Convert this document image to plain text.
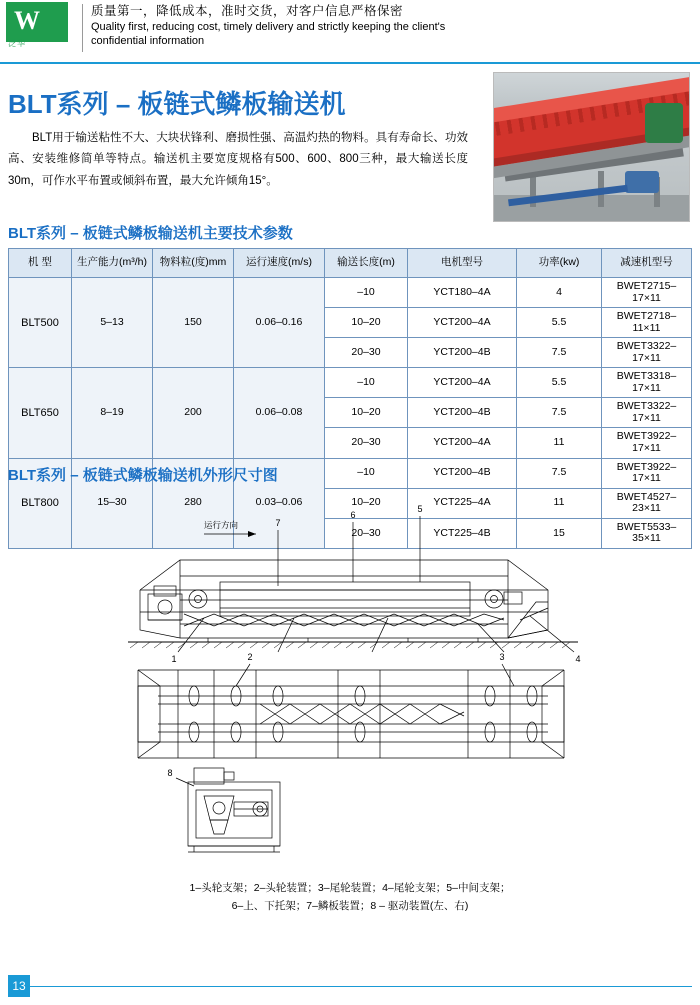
W
泛华
质量第一，降低成本，准时交货，对客户信息严格保密
Quality first, reducing cost, timely delivery and strictly keeping the client's confidential information
BLT系列 – 板链式鳞板输送机
BLT用于输送粘性不大、大块状锋利、磨损性强、高温灼热的物料。具有寿命长、功效高、安装维修简单等特点。输送机主要宽度规格有500、600、800三种，最大输送长度30m，可作水平布置或倾斜布置，最大允许倾角15°。
BLT系列 – 板链式鳞板输送机主要技术参数
机 型	生产能力(m³/h)	物料粒(度)mm	运行速度(m/s)	输送长度(m)	电机型号	功率(kw)	减速机型号
BLT500	5–13	150	0.06–0.16	–10	YCT180–4A	4	BWET2715–17×11
				10–20	YCT200–4A	5.5	BWET2718–11×11
				20–30	YCT200–4B	7.5	BWET3322–17×11
BLT650	8–19	200	0.06–0.08	–10	YCT200–4A	5.5	BWET3318–17×11
				10–20	YCT200–4B	7.5	BWET3322–17×11
				20–30	YCT200–4A	11	BWET3922–17×11
BLT800	15–30	280	0.03–0.06	–10	YCT200–4B	7.5	BWET3922–17×11
				10–20	YCT225–4A	11	BWET4527–23×11
				20–30	YCT225–4B	15	BWET5533–35×11
BLT系列 – 板链式鳞板输送机外形尺寸图
7
6
5
1	2	3	4
8
运行方向
1–头轮支架；2–头轮装置；3–尾轮装置；4–尾轮支架；5–中间支架；
6–上、下托架；7–鳞板装置；8 – 驱动装置(左、右)
13
